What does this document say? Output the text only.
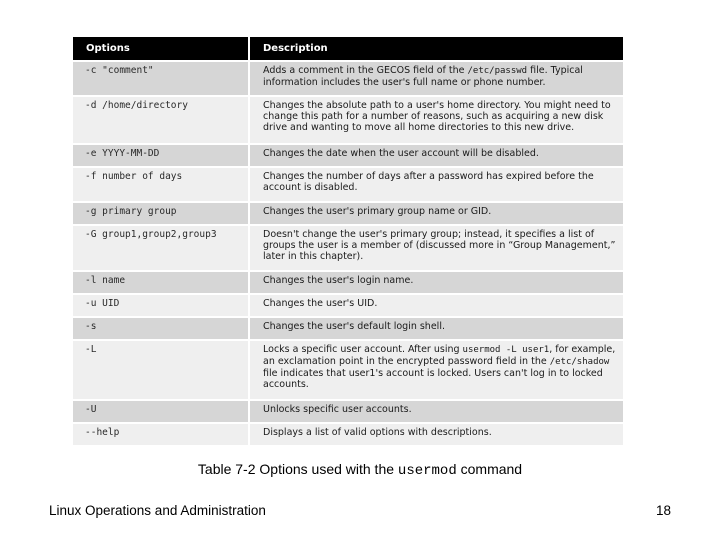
Options	Description
-c "comment"	Adds a comment in the GECOS field of the /etc/passwd file. Typical information includes the user's full name or phone number.
-d /home/directory	Changes the absolute path to a user's home directory. You might need to change this path for a number of reasons, such as acquiring a new disk drive and wanting to move all home directories to this new drive.
-e YYYY-MM-DD	Changes the date when the user account will be disabled.
-f number of days	Changes the number of days after a password has expired before the account is disabled.
-g primary group	Changes the user's primary group name or GID.
-G group1,group2,group3	Doesn't change the user's primary group; instead, it specifies a list of groups the user is a member of (discussed more in “Group Management,” later in this chapter).
-l name	Changes the user's login name.
-u UID	Changes the user's UID.
-s	Changes the user's default login shell.
-L	Locks a specific user account. After using usermod -L user1, for example, an exclamation point in the encrypted password field in the /etc/shadow file indicates that user1's account is locked. Users can't log in to locked accounts.
-U	Unlocks specific user accounts.
--help	Displays a list of valid options with descriptions.
Table 7-2 Options used with the usermod command
Linux Operations and Administration	18
